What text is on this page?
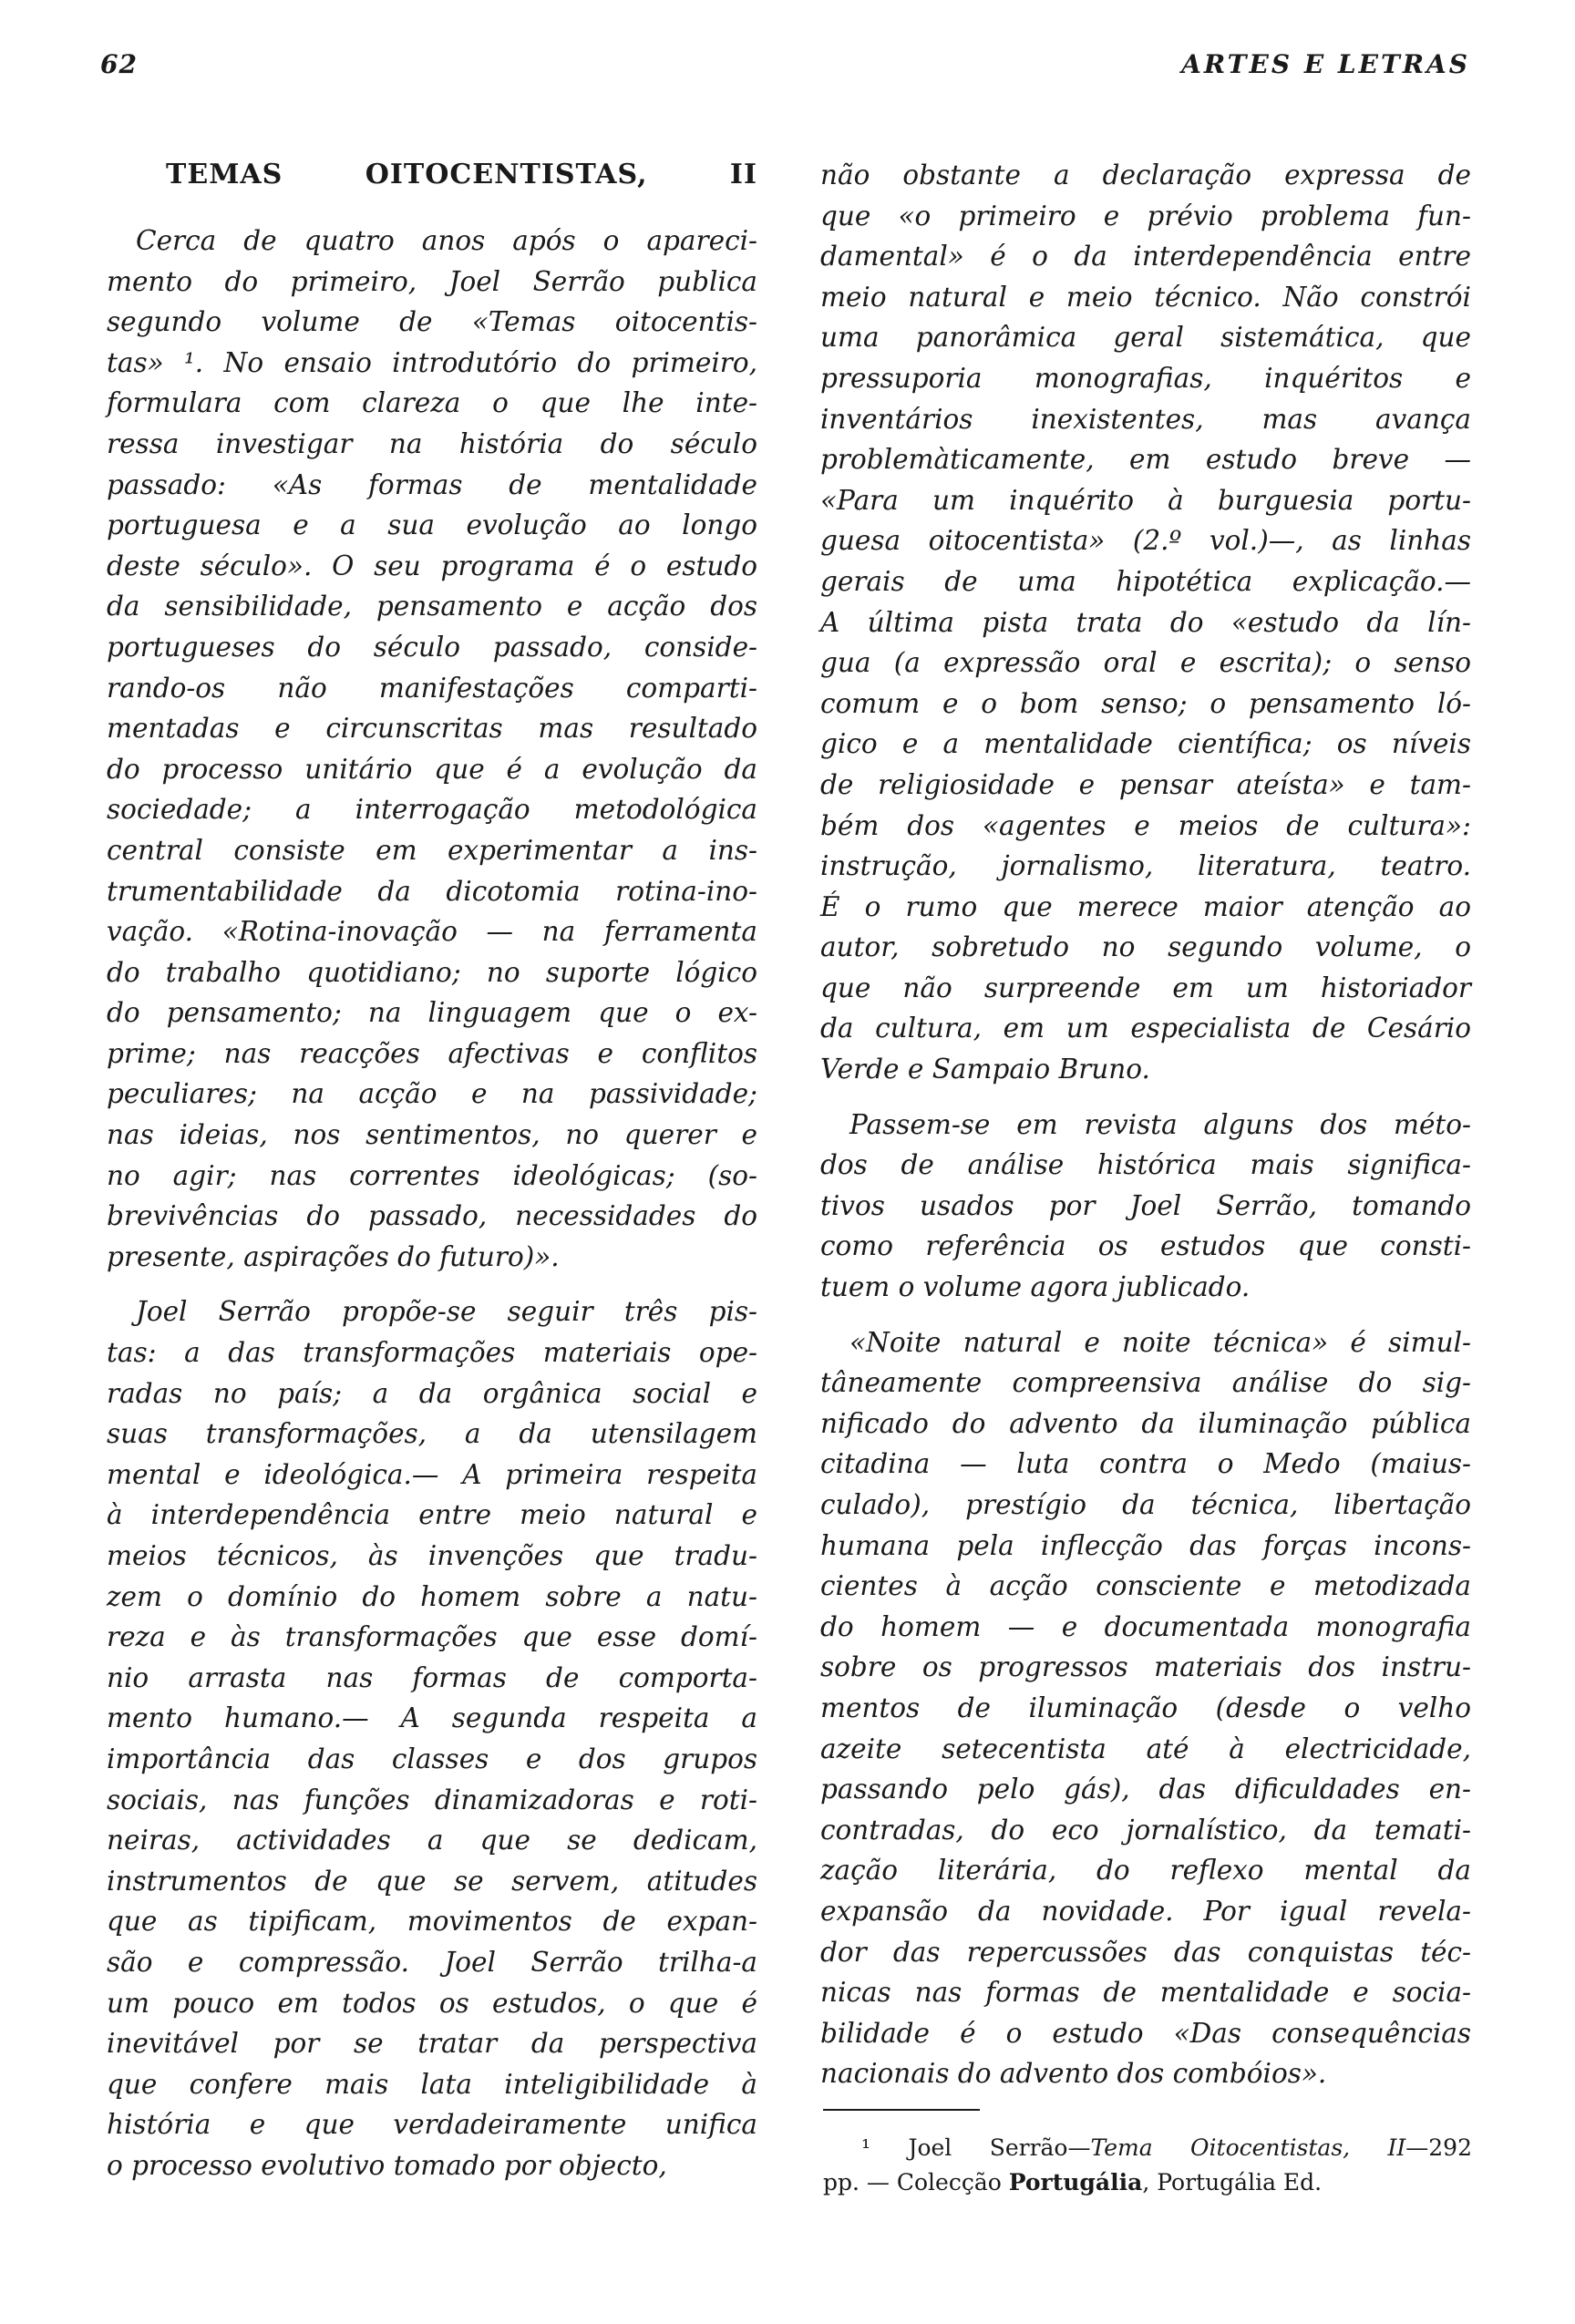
62	ARTES E LETRAS
TEMAS OITOCENTISTAS, II
Cerca de quatro anos após o apareci-
mento do primeiro, Joel Serrão publica
segundo volume de «Temas oitocentis-
tas» ¹. No ensaio introdutório do primeiro,
formulara com clareza o que lhe inte-
ressa investigar na história do século
passado: «As formas de mentalidade
portuguesa e a sua evolução ao longo
deste século». O seu programa é o estudo
da sensibilidade, pensamento e acção dos
portugueses do século passado, conside-
rando-os não manifestações comparti-
mentadas e circunscritas mas resultado
do processo unitário que é a evolução da
sociedade; a interrogação metodológica
central consiste em experimentar a ins-
trumentabilidade da dicotomia rotina-ino-
vação. «Rotina-inovação — na ferramenta
do trabalho quotidiano; no suporte lógico
do pensamento; na linguagem que o ex-
prime; nas reacções afectivas e conflitos
peculiares; na acção e na passividade;
nas ideias, nos sentimentos, no querer e
no agir; nas correntes ideológicas; (so-
brevivências do passado, necessidades do
presente, aspirações do futuro)».
Joel Serrão propõe-se seguir três pis-
tas: a das transformações materiais ope-
radas no país; a da orgânica social e
suas transformações, a da utensilagem
mental e ideológica.— A primeira respeita
à interdependência entre meio natural e
meios técnicos, às invenções que tradu-
zem o domínio do homem sobre a natu-
reza e às transformações que esse domí-
nio arrasta nas formas de comporta-
mento humano.— A segunda respeita a
importância das classes e dos grupos
sociais, nas funções dinamizadoras e roti-
neiras, actividades a que se dedicam,
instrumentos de que se servem, atitudes
que as tipificam, movimentos de expan-
são e compressão. Joel Serrão trilha-a
um pouco em todos os estudos, o que é
inevitável por se tratar da perspectiva
que confere mais lata inteligibilidade à
história e que verdadeiramente unifica
o processo evolutivo tomado por objecto,
não obstante a declaração expressa de
que «o primeiro e prévio problema fun-
damental» é o da interdependência entre
meio natural e meio técnico. Não constrói
uma panorâmica geral sistemática, que
pressuporia monografias, inquéritos e
inventários inexistentes, mas avança
problemàticamente, em estudo breve —
«Para um inquérito à burguesia portu-
guesa oitocentista» (2.º vol.)—, as linhas
gerais de uma hipotética explicação.—
A última pista trata do «estudo da lín-
gua (a expressão oral e escrita); o senso
comum e o bom senso; o pensamento ló-
gico e a mentalidade científica; os níveis
de religiosidade e pensar ateísta» e tam-
bém dos «agentes e meios de cultura»:
instrução, jornalismo, literatura, teatro.
É o rumo que merece maior atenção ao
autor, sobretudo no segundo volume, o
que não surpreende em um historiador
da cultura, em um especialista de Cesário
Verde e Sampaio Bruno.
Passem-se em revista alguns dos méto-
dos de análise histórica mais significa-
tivos usados por Joel Serrão, tomando
como referência os estudos que consti-
tuem o volume agora jublicado.
«Noite natural e noite técnica» é simul-
tâneamente compreensiva análise do sig-
nificado do advento da iluminação pública
citadina — luta contra o Medo (maius-
culado), prestígio da técnica, libertação
humana pela inflecção das forças incons-
cientes à acção consciente e metodizada
do homem — e documentada monografia
sobre os progressos materiais dos instru-
mentos de iluminação (desde o velho
azeite setecentista até à electricidade,
passando pelo gás), das dificuldades en-
contradas, do eco jornalístico, da temati-
zação literária, do reflexo mental da
expansão da novidade. Por igual revela-
dor das repercussões das conquistas téc-
nicas nas formas de mentalidade e socia-
bilidade é o estudo «Das consequências
nacionais do advento dos combóios».
¹ Joel Serrão—Tema Oitocentistas, II—292
pp. — Colecção Portugália, Portugália Ed.
